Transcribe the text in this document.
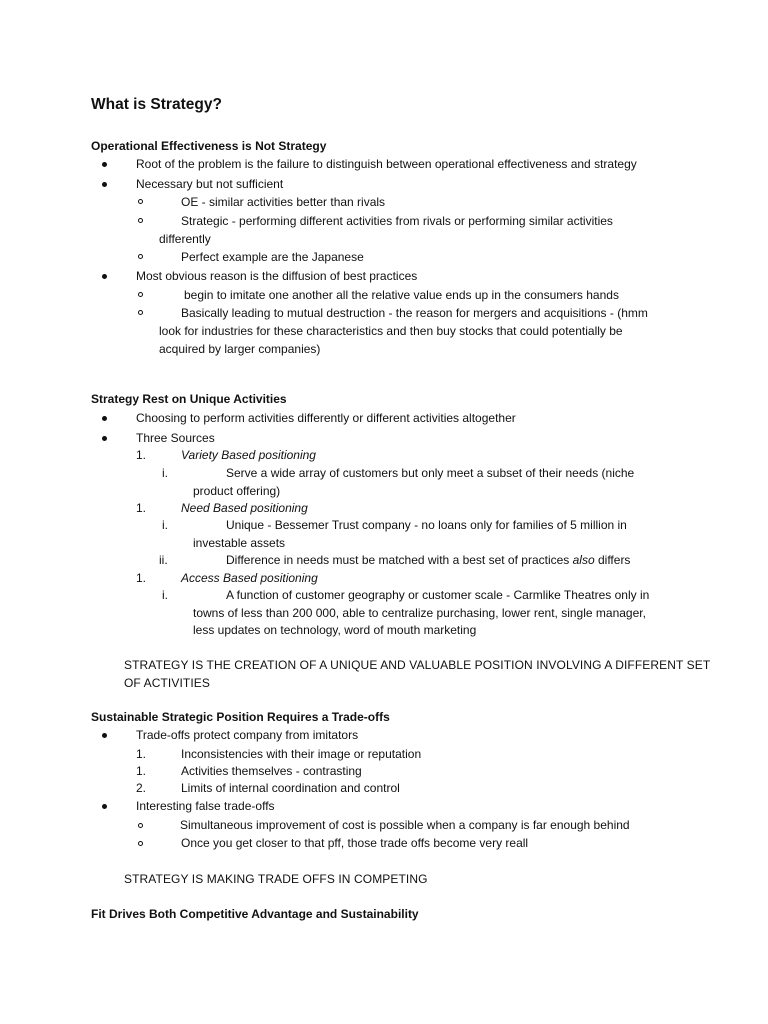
What is Strategy?
Operational Effectiveness is Not Strategy
Root of the problem is the failure to distinguish between operational effectiveness and strategy
Necessary but not sufficient
OE - similar activities better than rivals
Strategic - performing different activities from rivals or performing similar activities
differently
Perfect example are the Japanese
Most obvious reason is the diffusion of best practices
begin to imitate one another all the relative value ends up in the consumers hands
Basically leading to mutual destruction - the reason for mergers and acquisitions - (hmm
look for industries for these characteristics and then buy stocks that could potentially be
acquired by larger companies)
Strategy Rest on Unique Activities
Choosing to perform activities differently or different activities altogether
Three Sources
1.	Variety Based positioning
i.	Serve a wide array of customers but only meet a subset of their needs (niche
product offering)
1.	Need Based positioning
i.	Unique - Bessemer Trust company - no loans only for families of 5 million in
investable assets
ii.	Difference in needs must be matched with a best set of practices also differs
1.	Access Based positioning
i.	A function of customer geography or customer scale - Carmlike Theatres only in
towns of less than 200 000, able to centralize purchasing, lower rent, single manager,
less updates on technology, word of mouth marketing
STRATEGY IS THE CREATION OF A UNIQUE AND VALUABLE POSITION INVOLVING A DIFFERENT SET
OF ACTIVITIES
Sustainable Strategic Position Requires a Trade-offs
Trade-offs protect company from imitators
1.	Inconsistencies with their image or reputation
1.	Activities themselves - contrasting
2.	Limits of internal coordination and control
Interesting false trade-offs
Simultaneous improvement of cost is possible when a company is far enough behind
Once you get closer to that pff, those trade offs become very reall
STRATEGY IS MAKING TRADE OFFS IN COMPETING
Fit Drives Both Competitive Advantage and Sustainability
